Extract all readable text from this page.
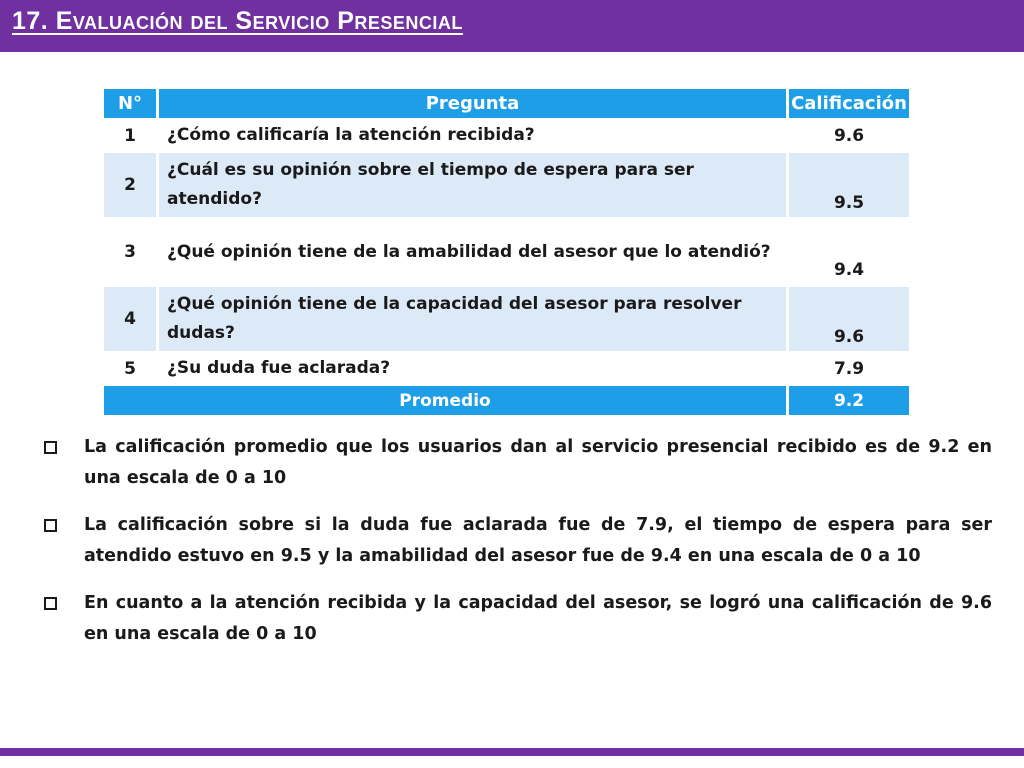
17. Evaluación del Servicio Presencial
N°	Pregunta	Calificación
1	¿Cómo calificaría la atención recibida?	9.6
2	¿Cuál es su opinión sobre el tiempo de espera para ser atendido?	9.5
3	¿Qué opinión tiene de la amabilidad del asesor que lo atendió?	9.4
4	¿Qué opinión tiene de la capacidad del asesor para resolver dudas?	9.6
5	¿Su duda fue aclarada?	7.9
Promedio		9.2
La calificación promedio que los usuarios dan al servicio presencial recibido es de 9.2 en una escala de 0 a 10
La calificación sobre si la duda fue aclarada fue de 7.9, el tiempo de espera para ser atendido estuvo en 9.5 y la amabilidad del asesor fue de 9.4 en una escala de 0 a 10
En cuanto a la atención recibida y la capacidad del asesor, se logró una calificación de 9.6 en una escala de 0 a 10
